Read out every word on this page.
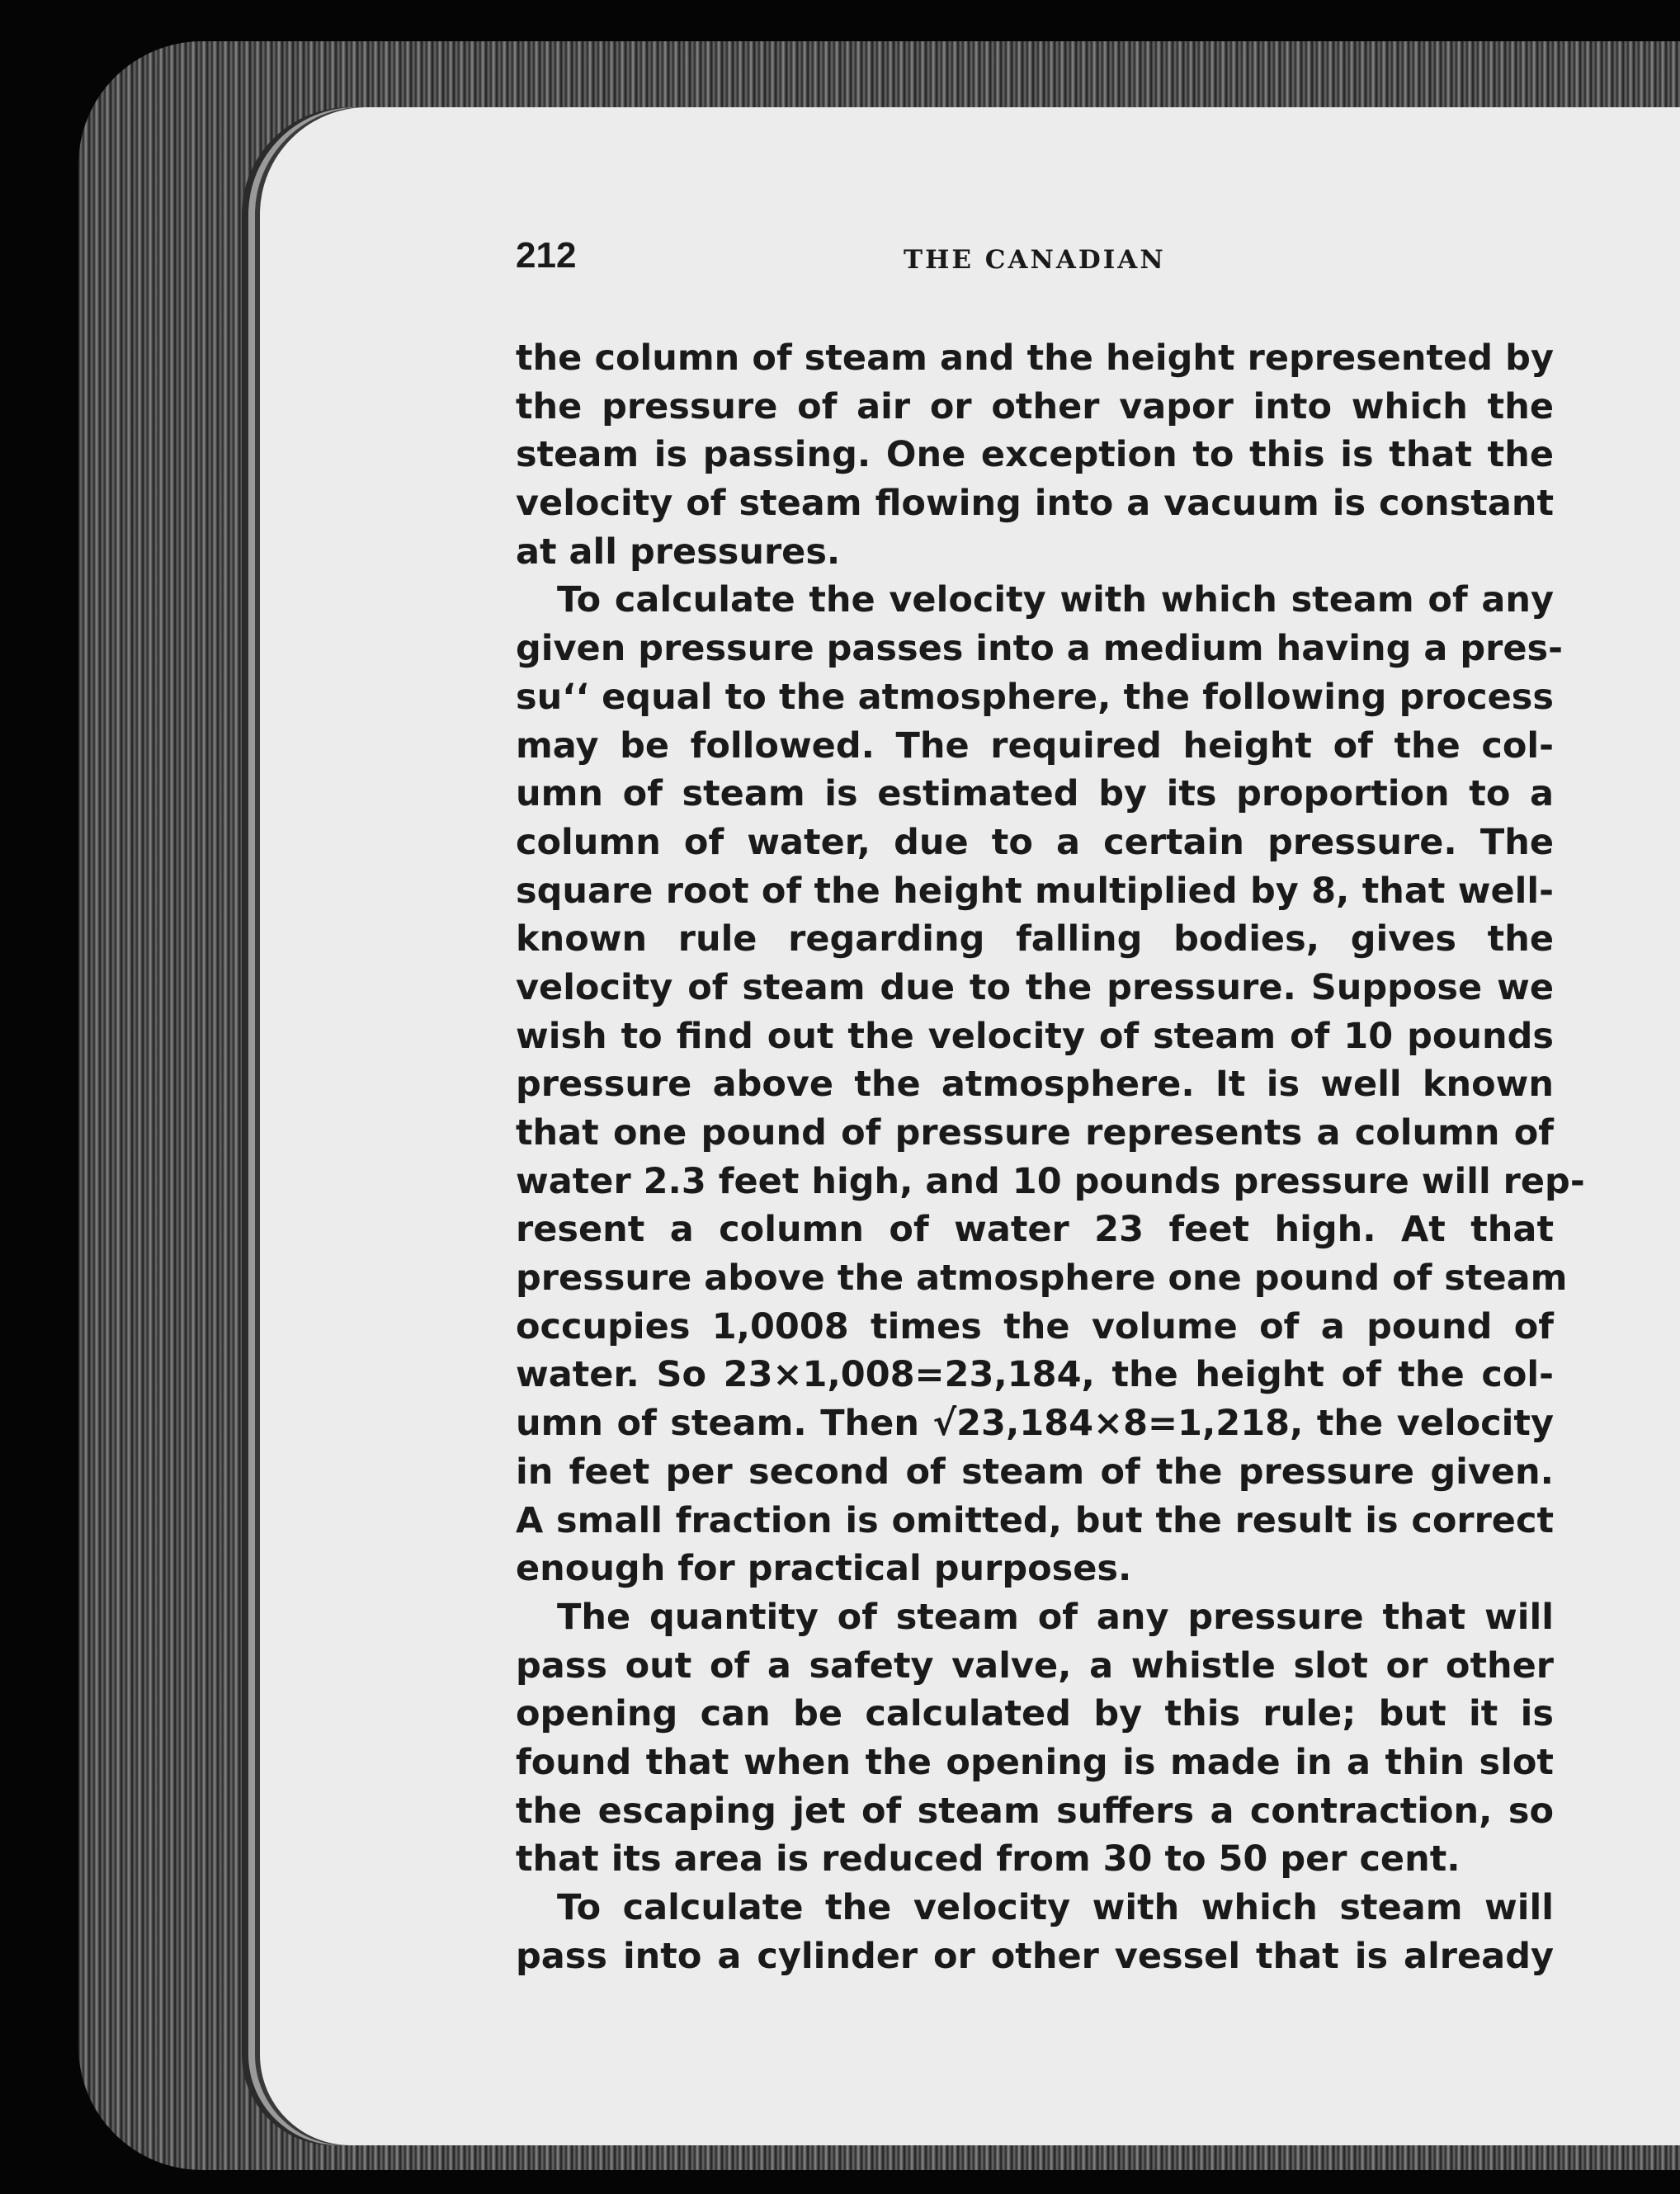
212	THE CANADIAN
the column of steam and the height represented by
the pressure of air or other vapor into which the
steam is passing. One exception to this is that the
velocity of steam flowing into a vacuum is constant
at all pressures.
To calculate the velocity with which steam of any
given pressure passes into a medium having a pres-
suʻʻ equal to the atmosphere, the following process
may be followed. The required height of the col-
umn of steam is estimated by its proportion to a
column of water, due to a certain pressure. The
square root of the height multiplied by 8, that well-
known rule regarding falling bodies, gives the
velocity of steam due to the pressure. Suppose we
wish to find out the velocity of steam of 10 pounds
pressure above the atmosphere. It is well known
that one pound of pressure represents a column of
water 2.3 feet high, and 10 pounds pressure will rep-
resent a column of water 23 feet high. At that
pressure above the atmosphere one pound of steam
occupies 1,0008 times the volume of a pound of
water. So 23×1,008=23,184, the height of the col-
umn of steam. Then √23,184×8=1,218, the velocity
in feet per second of steam of the pressure given.
A small fraction is omitted, but the result is correct
enough for practical purposes.
The quantity of steam of any pressure that will
pass out of a safety valve, a whistle slot or other
opening can be calculated by this rule; but it is
found that when the opening is made in a thin slot
the escaping jet of steam suffers a contraction, so
that its area is reduced from 30 to 50 per cent.
To calculate the velocity with which steam will
pass into a cylinder or other vessel that is already
